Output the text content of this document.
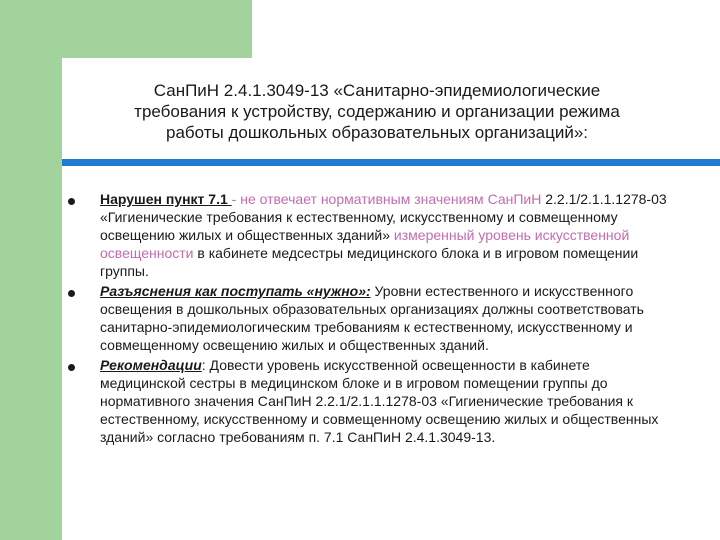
СанПиН 2.4.1.3049-13 «Санитарно-эпидемиологические
требования к устройству, содержанию и организации режима
работы дошкольных образовательных организаций»:
Нарушен пункт 7.1 - не отвечает нормативным значениям СанПиН 2.2.1/2.1.1.1278-03 «Гигиенические требования к естественному, искусственному и совмещенному освещению жилых и общественных зданий» измеренный уровень искусственной освещенности в кабинете медсестры медицинского блока и в игровом помещении группы.
Разъяснения как поступать «нужно»: Уровни естественного и искусственного освещения в дошкольных образовательных организациях должны соответствовать санитарно-эпидемиологическим требованиям к естественному, искусственному и совмещенному освещению жилых и общественных зданий.
Рекомендации: Довести уровень искусственной освещенности в кабинете медицинской сестры в медицинском блоке и в игровом помещении группы до нормативного значения СанПиН 2.2.1/2.1.1.1278-03 «Гигиенические требования к естественному, искусственному и совмещенному освещению жилых и общественных зданий» согласно требованиям п. 7.1 СанПиН 2.4.1.3049-13.
